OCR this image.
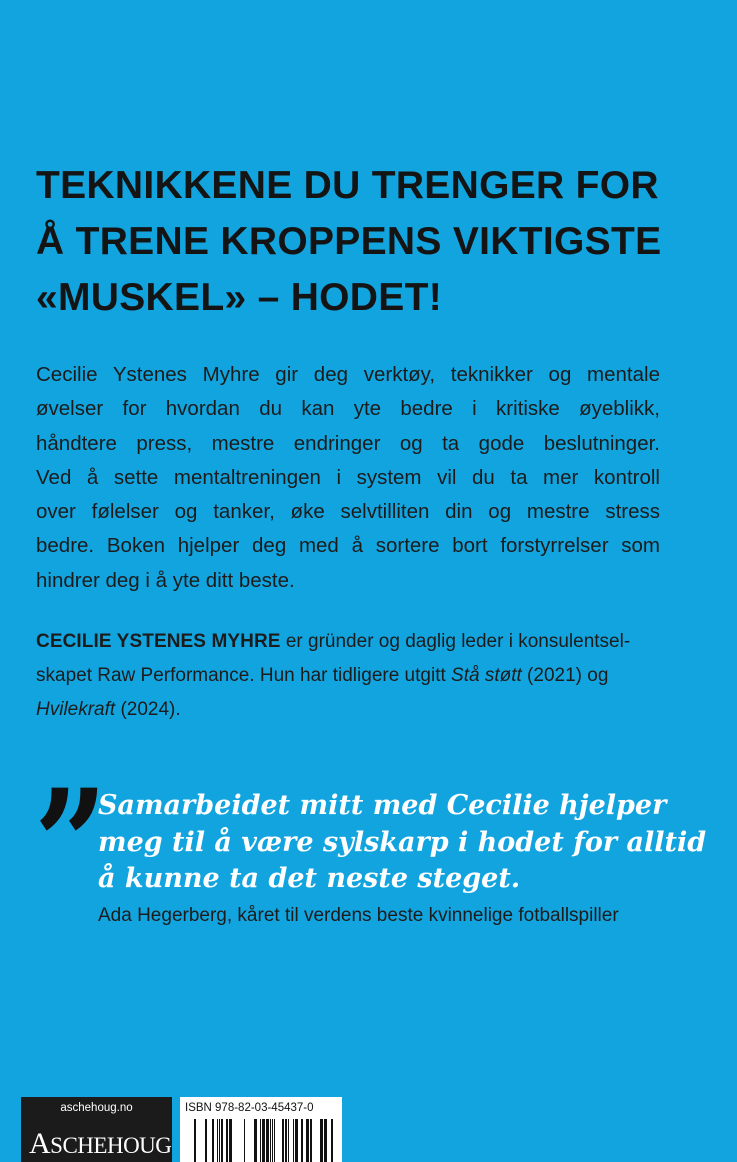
TEKNIKKENE DU TRENGER FOR
Å TRENE KROPPENS VIKTIGSTE
«MUSKEL» – HODET!
Cecilie Ystenes Myhre gir deg verktøy, teknikker og mentale
øvelser for hvordan du kan yte bedre i kritiske øyeblikk,
håndtere press, mestre endringer og ta gode beslutninger.
Ved å sette mentaltreningen i system vil du ta mer kontroll
over følelser og tanker, øke selvtilliten din og mestre stress
bedre. Boken hjelper deg med å sortere bort forstyrrelser som
hindrer deg i å yte ditt beste.
CECILIE YSTENES MYHRE er gründer og daglig leder i konsulentsel-
skapet Raw Performance. Hun har tidligere utgitt Stå støtt (2021) og
Hvilekraft (2024).
”
Samarbeidet mitt med Cecilie hjelper
meg til å være sylskarp i hodet for alltid
å kunne ta det neste steget.
Ada Hegerberg, kåret til verdens beste kvinnelige fotballspiller
aschehoug.no
ASCHEHOUG
ISBN 978-82-03-45437-0
